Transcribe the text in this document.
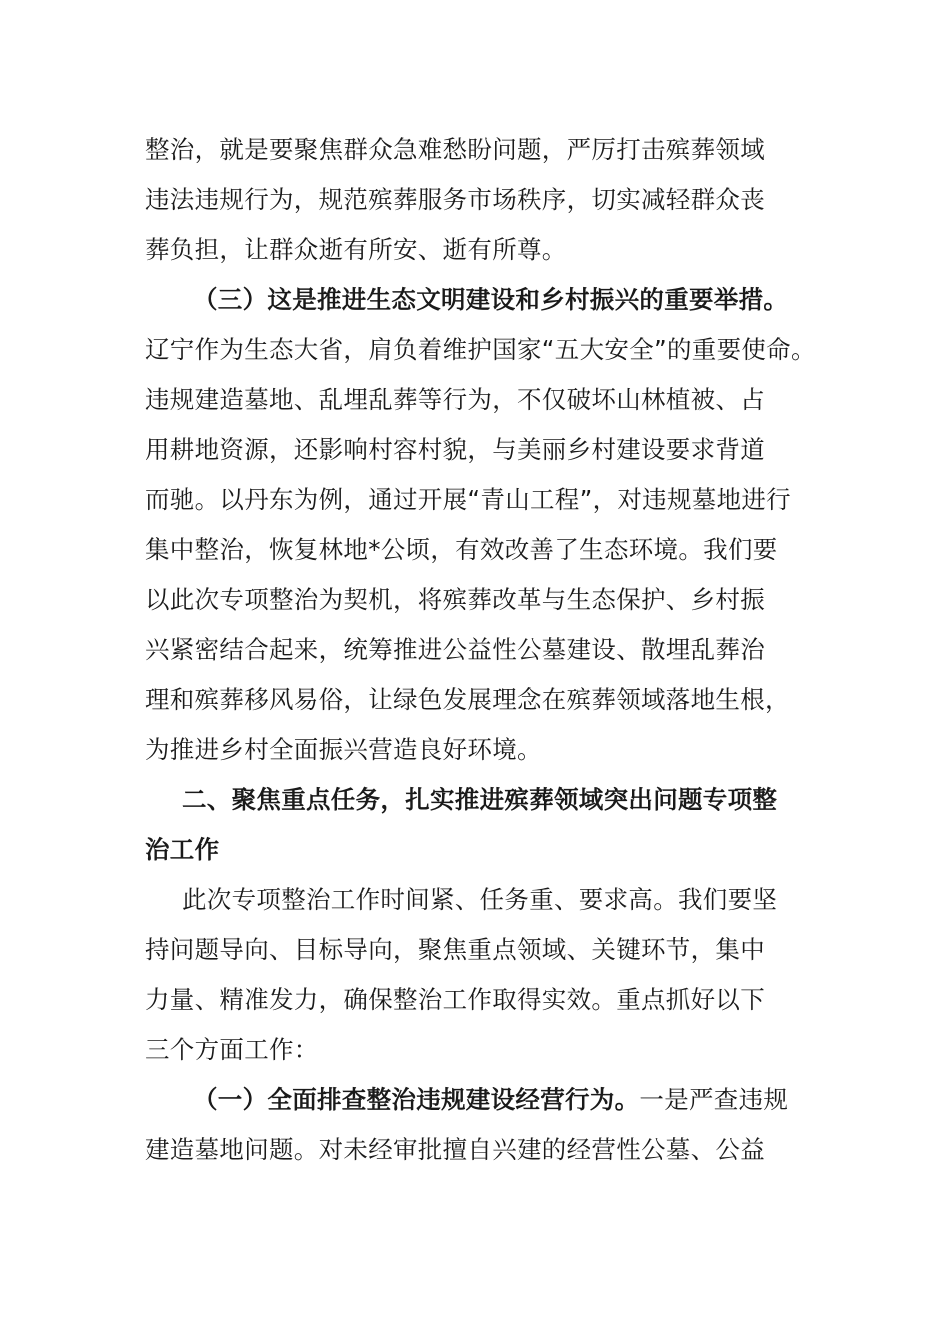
整治，就是要聚焦群众急难愁盼问题，严厉打击殡葬领域
违法违规行为，规范殡葬服务市场秩序，切实减轻群众丧
葬负担，让群众逝有所安、逝有所尊。
（三）这是推进生态文明建设和乡村振兴的重要举措。
辽宁作为生态大省，肩负着维护国家“五大安全”的重要使命。
违规建造墓地、乱埋乱葬等行为，不仅破坏山林植被、占
用耕地资源，还影响村容村貌，与美丽乡村建设要求背道
而驰。以丹东为例，通过开展“青山工程”，对违规墓地进行
集中整治，恢复林地*公顷，有效改善了生态环境。我们要
以此次专项整治为契机，将殡葬改革与生态保护、乡村振
兴紧密结合起来，统筹推进公益性公墓建设、散埋乱葬治
理和殡葬移风易俗，让绿色发展理念在殡葬领域落地生根，
为推进乡村全面振兴营造良好环境。
二、聚焦重点任务，扎实推进殡葬领域突出问题专项整
治工作
此次专项整治工作时间紧、任务重、要求高。我们要坚
持问题导向、目标导向，聚焦重点领域、关键环节，集中
力量、精准发力，确保整治工作取得实效。重点抓好以下
三个方面工作：
（一）全面排查整治违规建设经营行为。一是严查违规
建造墓地问题。对未经审批擅自兴建的经营性公墓、公益
